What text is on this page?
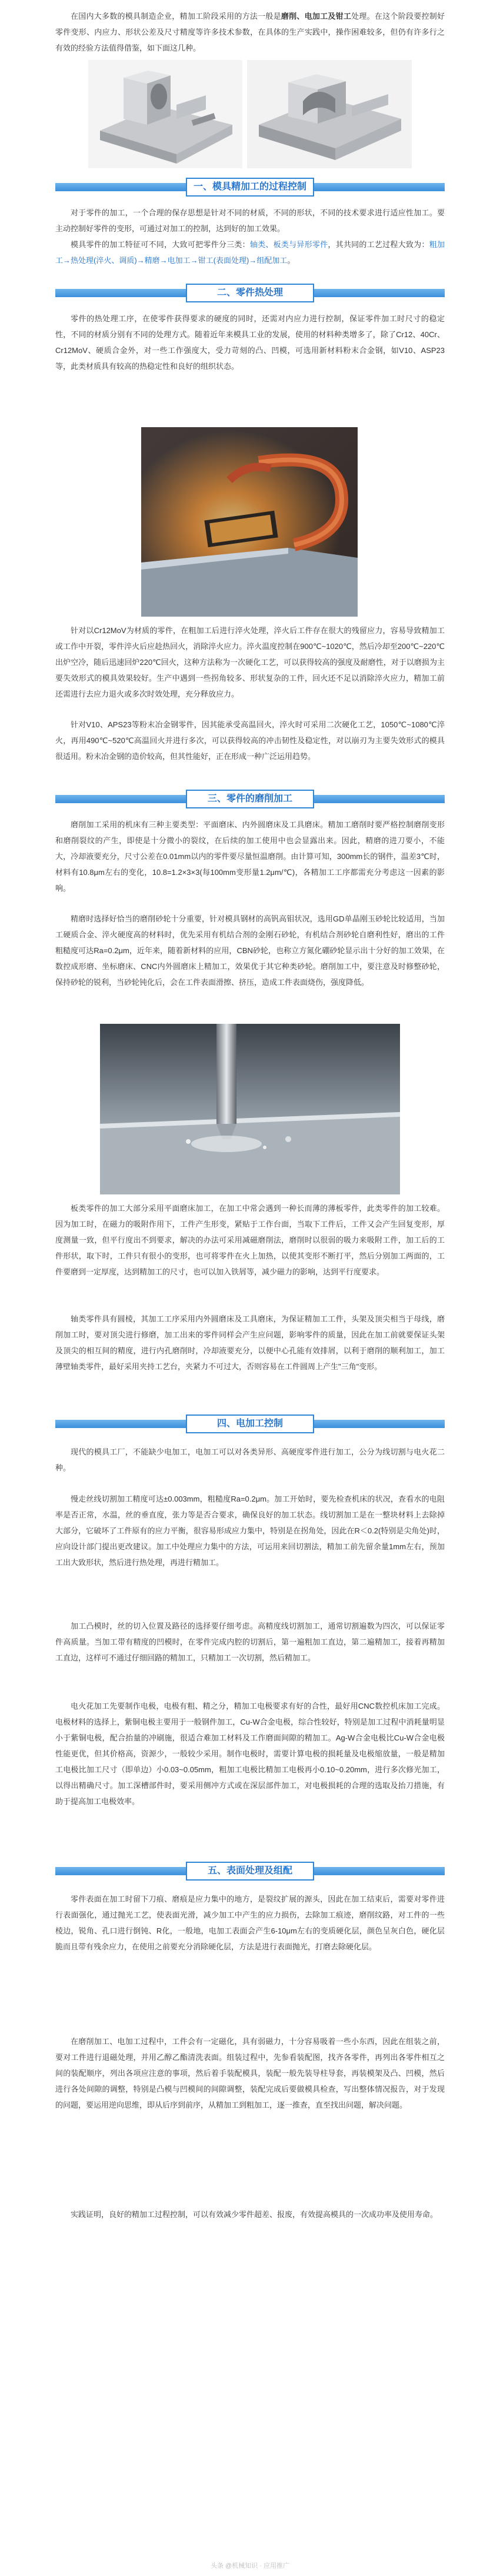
在国内大多数的模具制造企业，精加工阶段采用的方法一般是磨削、电加工及钳工处理。在这个阶段要控制好零件变形、内应力、形状公差及尺寸精度等许多技术参数，在具体的生产实践中，操作困难较多，但仍有许多行之有效的经验方法值得借鉴，如下面这几种。

一、模具精加工的过程控制

对于零件的加工，一个合理的保存思想是针对不同的材质，不同的形状，不同的技术要求进行适应性加工。要主动控制好零件的变形，可通过对加工的控制，达到好的加工效果。

模具零件的加工特征可不同，大致可把零件分三类：轴类、板类与异形零件，其共同的工艺过程大致为：粗加工→热处理(淬火、调质)→精磨→电加工→钳工(表面处理)→组配加工。

二、零件热处理

零件的热处理工序，在使零件获得要求的硬度的同时，还需对内应力进行控制，保证零件加工时尺寸的稳定性，不同的材质分别有不同的处理方式。随着近年来模具工业的发展，使用的材料种类增多了，除了Cr12、40Cr、Cr12MoV、硬质合金外，对一些工作强度大，受力苛刻的凸、凹模，可选用新材料粉末合金钢，如V10、ASP23等，此类材质具有较高的热稳定性和良好的组织状态。

针对以Cr12MoV为材质的零件，在粗加工后进行淬火处理，淬火后工件存在很大的残留应力，容易导致精加工或工作中开裂，零件淬火后应趁热回火，消除淬火应力。淬火温度控制在900℃~1020℃，然后冷却至200℃~220℃出炉空冷，随后迅速回炉220℃回火，这种方法称为一次硬化工艺，可以获得较高的强度及耐磨性，对于以磨损为主要失效形式的模具效果较好。生产中遇到一些拐角较多、形状复杂的工件，回火还不足以消除淬火应力，精加工前还需进行去应力退火或多次时效处理，充分释放应力。

针对V10、APS23等粉末冶金钢零件，因其能承受高温回火，淬火时可采用二次硬化工艺，1050℃~1080℃淬火，再用490℃~520℃高温回火并进行多次，可以获得较高的冲击韧性及稳定性，对以崩刃为主要失效形式的模具很适用。粉末冶金钢的造价较高，但其性能好，正在形成一种广泛运用趋势。

三、零件的磨削加工

磨削加工采用的机床有三种主要类型：平面磨床、内外圆磨床及工具磨床。精加工磨削时要严格控制磨削变形和磨削裂纹的产生，即使是十分微小的裂纹，在后续的加工使用中也会显露出来。因此，精磨的进刀要小，不能大，冷却液要充分，尺寸公差在0.01mm以内的零件要尽量恒温磨削。由计算可知，300mm长的钢件，温差3℃时，材料有10.8μm左右的变化，10.8=1.2×3×3(每100mm变形量1.2μm/℃)，各精加工工序都需充分考虑这一因素的影响。

精磨时选择好恰当的磨削砂轮十分重要，针对模具钢材的高钒高钼状况，选用GD单晶刚玉砂轮比较适用，当加工硬质合金、淬火硬度高的材料时，优先采用有机结合剂的金刚石砂轮，有机结合剂砂轮自磨利性好，磨出的工件粗糙度可达Ra=0.2μm，近年来，随着新材料的应用，CBN砂轮，也称立方氮化硼砂轮显示出十分好的加工效果，在数控成形磨、坐标磨床、CNC内外圆磨床上精加工，效果优于其它种类砂轮。磨削加工中，要注意及时修整砂轮，保持砂轮的锐利，当砂轮钝化后，会在工件表面滑擦、挤压，造成工件表面烧伤，强度降低。

板类零件的加工大部分采用平面磨床加工，在加工中常会遇到一种长而薄的薄板零件，此类零件的加工较难。因为加工时，在磁力的吸附作用下，工件产生形变，紧贴于工作台面，当取下工件后，工件又会产生回复变形，厚度测量一致，但平行度出不到要求，解决的办法可采用减磁磨削法，磨削时以很弱的吸力来吸附工件，加工后的工件形状，取下时，工件只有很小的变形，也可将零件在火上加热，以使其变形不断打平，然后分别加工两面的，工件要磨到一定厚度，达到精加工的尺寸，也可以加入铁屑等，减少磁力的影响，达到平行度要求。

轴类零件具有圆棱，其加工工序采用内外圆磨床及工具磨床，为保证精加工工件，头架及顶尖相当于母线，磨削加工时，要对顶尖进行修磨，加工出来的零件同样会产生应问题，影响零件的质量，因此在加工前就要保证头架及顶尖的相互间的精度，进行内孔磨削时，冷却液要充分，以便中心孔能有效排屑，以利于磨削的顺利加工，加工薄壁轴类零件，最好采用夹持工艺台，夹紧力不可过大，否则容易在工件圆周上产生"三角"变形。

四、电加工控制

现代的模具工厂，不能缺少电加工，电加工可以对各类异形、高硬度零件进行加工，公分为线切割与电火花二种。

慢走丝线切割加工精度可达±0.003mm，粗糙度Ra=0.2μm。加工开始时，要先检查机床的状况，查看水的电阻率是否正常，水温，丝的垂直度，张力等是否合要求，确保良好的加工状态。线切割加工是在一整块材料上去除掉大部分，它破坏了工件原有的应力平衡，很容易形成应力集中，特别是在拐角处，因此在R＜0.2(特别是尖角处)时，应向设计部门提出更改建议。加工中处理应力集中的方法，可运用来回切割法，精加工前先留余量1mm左右，预加工出大致形状，然后进行热处理，再进行精加工。

加工凸模时，丝的切入位置及路径的选择要仔细考虑。高精度线切割加工，通常切割遍数为四次，可以保证零件高质量。当加工带有精度的凹模时，在零件完成内腔的切割后，第一遍粗加工直边，第二遍精加工，接着再精加工直边，这样可不通过仔细回路的精加工，只精加工一次切割，然后精加工。

电火花加工先要制作电极，电极有粗、精之分，精加工电极要求有好的合性，最好用CNC数控机床加工完成。电极材料的选择上，紫铜电极主要用于一般钢件加工，Cu-W合金电极，综合性较好，特别是加工过程中消耗量明显小于紫铜电极，配合抬量的冲刷施，很适合难加工材料及工作磨面间隙的精加工。Ag-W合金电极比Cu-W合金电极性能更优，但其价格高，资源少，一般较少采用。制作电极时，需要计算电极的损耗量及电极缩放量，一般是精加工电极比加工尺寸（即单边）小0.03~0.05mm，粗加工电极比精加工电极再小0.10~0.20mm，进行多次修光加工，以得出精确尺寸。加工深槽部件时，要采用侧冲方式或在深层部件加工，对电极损耗的合理的选取及抬刀措施，有助于提高加工电极效率。

五、表面处理及组配

零件表面在加工时留下刀痕、磨痕是应力集中的地方，是裂纹扩展的源头，因此在加工结束后，需要对零件进行表面强化，通过抛光工艺，使表面光滑，减少加工中产生的应力损伤，去除加工痕迹，磨削纹路，对工件的一些棱边，锐角、孔口进行倒钝、R化，一般地，电加工表面会产生6-10μm左右的变质硬化层，颜色呈灰白色，硬化层脆而且带有残余应力，在使用之前要充分消除硬化层，方法是进行表面抛光，打磨去除硬化层。

在磨削加工、电加工过程中，工件会有一定磁化，具有弱磁力，十分容易吸着一些小东西，因此在组装之前，要对工件进行退磁处理，并用乙醇乙酯清洗表面。组装过程中，先参看装配图，找齐各零件，再列出各零件相互之间的装配顺序，列出各项应注意的事项，然后着手装配模具，装配一般先装导柱导套，再装模架及凸、凹模，然后进行各处间隙的调整，特别是凸模与凹模间的间隙调整，装配完成后要做模具检查，写出整体情况报告，对于发现的问题，要运用逆向思维，即从后序到前序，从精加工到粗加工，逐一推查，直至找出问题，解决问题。

实践证明，良好的精加工过程控制，可以有效减少零件超差、报废，有效提高模具的一次成功率及使用寿命。

头条 @机械知识 · 应用推广
